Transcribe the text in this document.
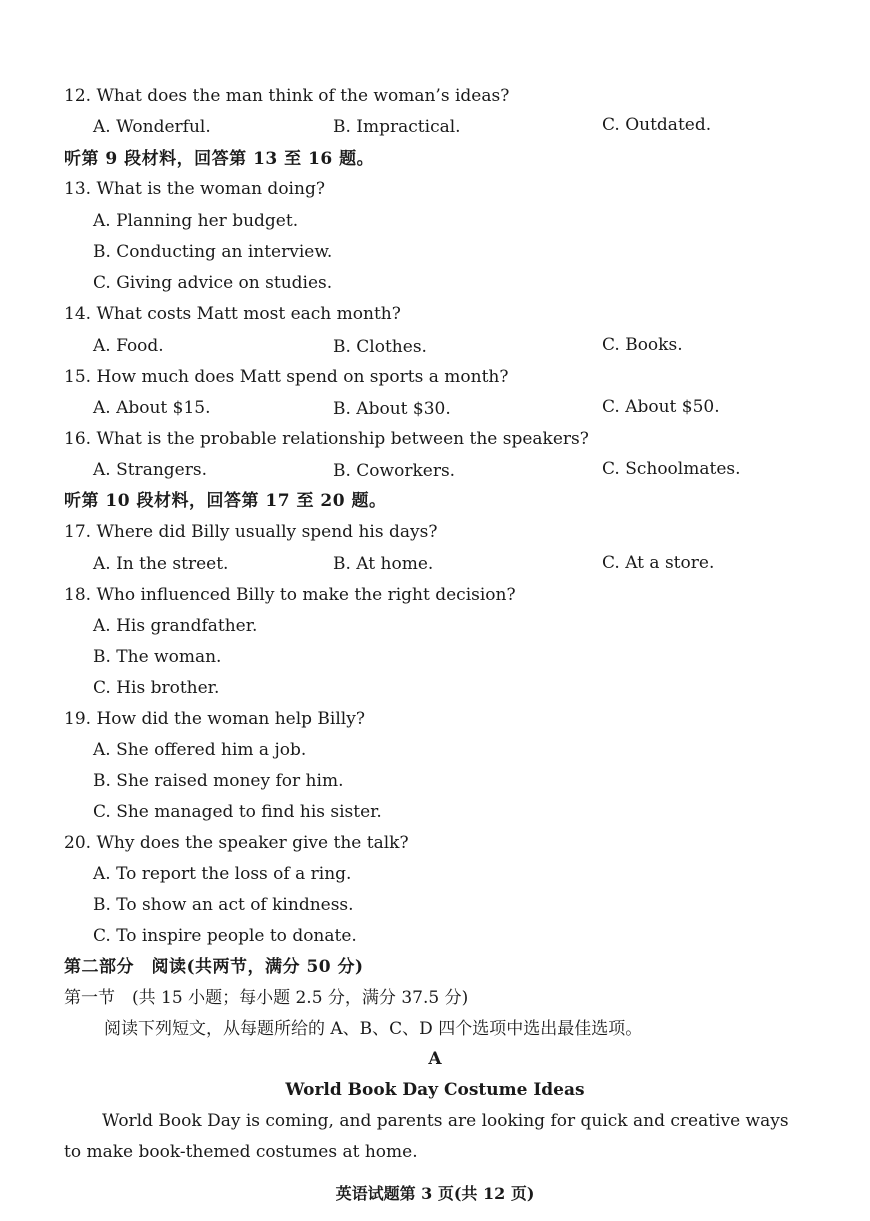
12. What does the man think of the woman’s ideas?
A. Wonderful.	B. Impractical.	C. Outdated.
听第 9 段材料，回答第 13 至 16 题。
13. What is the woman doing?
A. Planning her budget.
B. Conducting an interview.
C. Giving advice on studies.
14. What costs Matt most each month?
A. Food.	B. Clothes.	C. Books.
15. How much does Matt spend on sports a month?
A. About $15.	B. About $30.	C. About $50.
16. What is the probable relationship between the speakers?
A. Strangers.	B. Coworkers.	C. Schoolmates.
听第 10 段材料，回答第 17 至 20 题。
17. Where did Billy usually spend his days?
A. In the street.	B. At home.	C. At a store.
18. Who influenced Billy to make the right decision?
A. His grandfather.
B. The woman.
C. His brother.
19. How did the woman help Billy?
A. She offered him a job.
B. She raised money for him.
C. She managed to find his sister.
20. Why does the speaker give the talk?
A. To report the loss of a ring.
B. To show an act of kindness.
C. To inspire people to donate.
第二部分　阅读(共两节，满分 50 分)
第一节　(共 15 小题；每小题 2.5 分，满分 37.5 分)
阅读下列短文，从每题所给的 A、B、C、D 四个选项中选出最佳选项。
A
World Book Day Costume Ideas
World Book Day is coming, and parents are looking for quick and creative ways to make book-themed costumes at home.
英语试题第 3 页(共 12 页)
